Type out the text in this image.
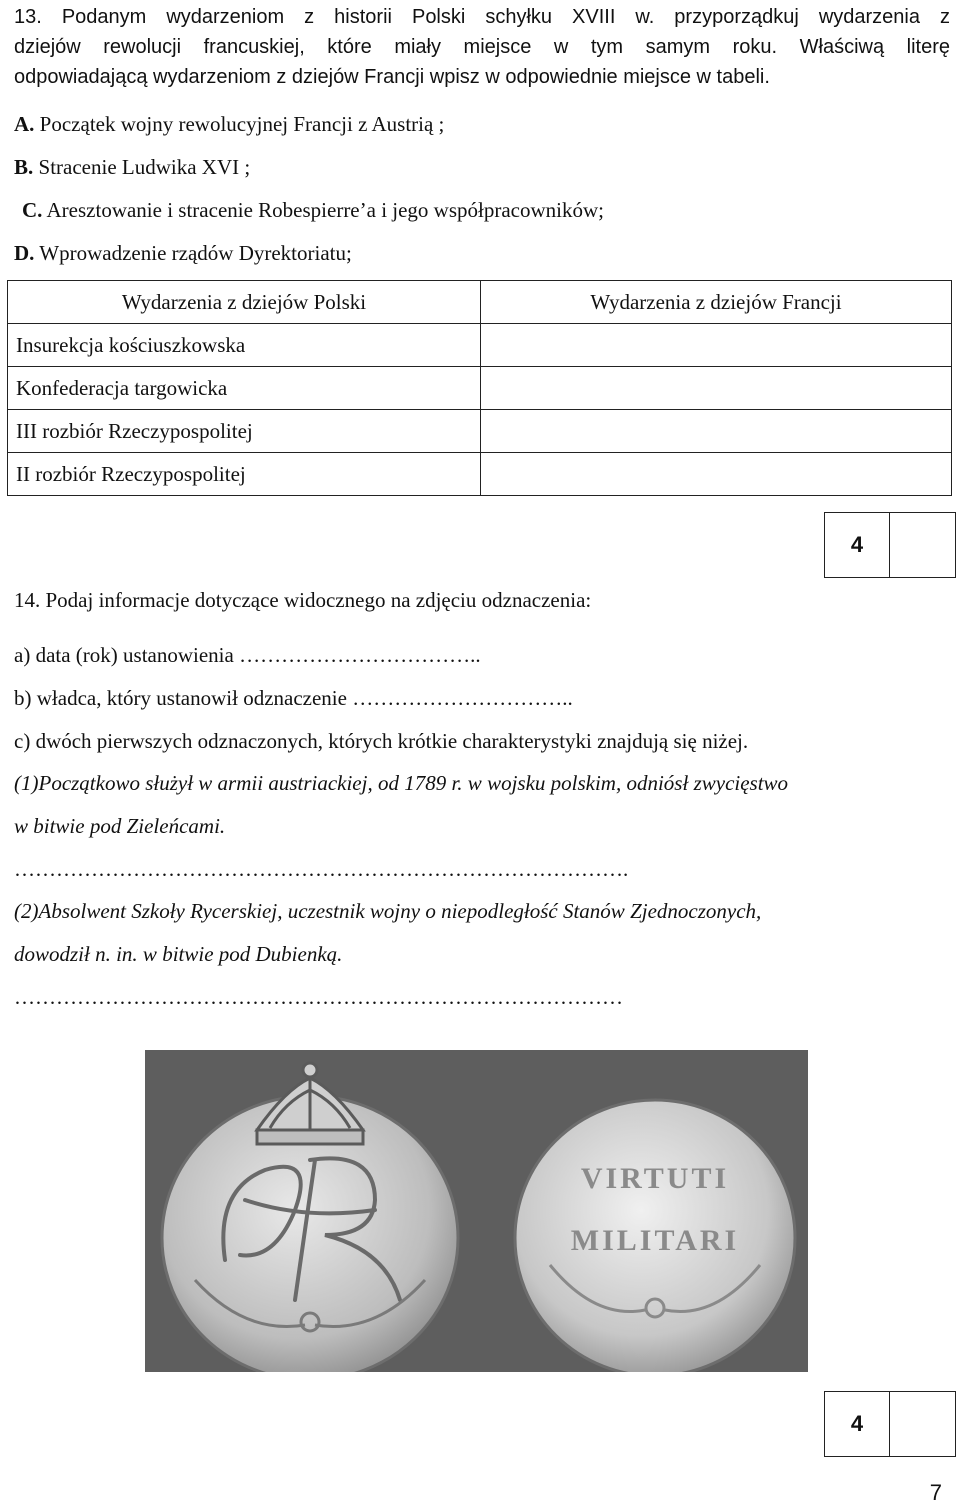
13. Podanym wydarzeniom z historii Polski schyłku XVIII w. przyporządkuj wydarzenia z
dziejów rewolucji francuskiej, które miały miejsce w tym samym roku. Właściwą literę
odpowiadającą wydarzeniom z dziejów Francji wpisz w odpowiednie miejsce w tabeli.
A. Początek wojny rewolucyjnej Francji z Austrią ;
B. Stracenie Ludwika XVI ;
C. Aresztowanie i stracenie Robespierre’a i jego współpracowników;
D. Wprowadzenie rządów Dyrektoriatu;
Wydarzenia z dziejów Polski	Wydarzenia z dziejów Francji
Insurekcja kościuszkowska	
Konfederacja targowicka	
III rozbiór Rzeczypospolitej	
II rozbiór Rzeczypospolitej	
4
14. Podaj informacje dotyczące widocznego na zdjęciu odznaczenia:
a) data (rok) ustanowienia ……………………………..
b) władca, który ustanowił odznaczenie …………………………..
c) dwóch pierwszych odznaczonych, których krótkie charakterystyki znajdują się niżej.
(1)Początkowo służył w armii austriackiej, od 1789 r. w wojsku polskim, odniósł zwycięstwo
w bitwie pod Zieleńcami.
…………………………………………………………………………….
(2)Absolwent Szkoły Rycerskiej, uczestnik wojny o niepodległość Stanów Zjednoczonych,
dowodził n. in. w bitwie pod Dubienką.
……………………………………………………………………………
VIRTUTI
MILITARI
4
7
